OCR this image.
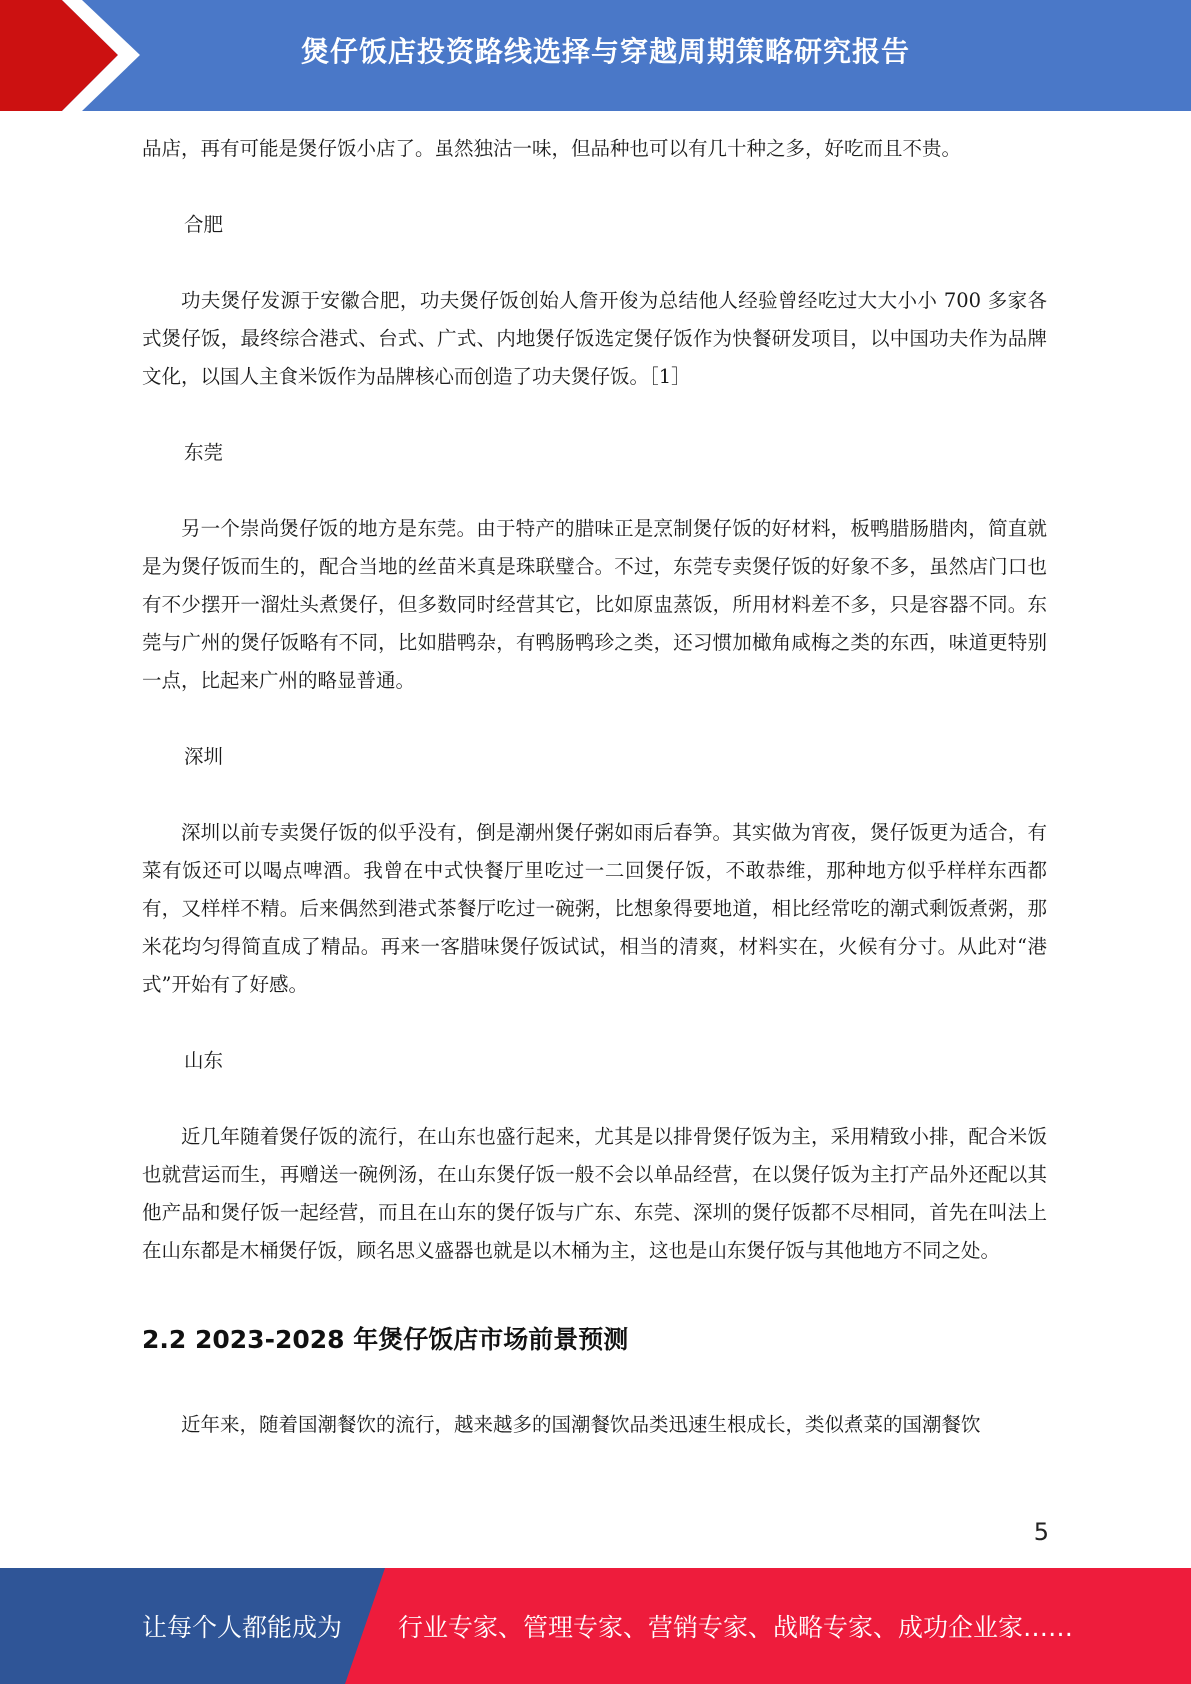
煲仔饭店投资路线选择与穿越周期策略研究报告

品店，再有可能是煲仔饭小店了。虽然独沽一味，但品种也可以有几十种之多，好吃而且不贵。

合肥

功夫煲仔发源于安徽合肥，功夫煲仔饭创始人詹开俊为总结他人经验曾经吃过大大小小 700 多家各式煲仔饭，最终综合港式、台式、广式、内地煲仔饭选定煲仔饭作为快餐研发项目，以中国功夫作为品牌文化，以国人主食米饭作为品牌核心而创造了功夫煲仔饭。［1］

东莞

另一个崇尚煲仔饭的地方是东莞。由于特产的腊味正是烹制煲仔饭的好材料，板鸭腊肠腊肉，简直就是为煲仔饭而生的，配合当地的丝苗米真是珠联璧合。不过，东莞专卖煲仔饭的好象不多，虽然店门口也有不少摆开一溜灶头煮煲仔，但多数同时经营其它，比如原盅蒸饭，所用材料差不多，只是容器不同。东莞与广州的煲仔饭略有不同，比如腊鸭杂，有鸭肠鸭珍之类，还习惯加橄角咸梅之类的东西，味道更特别一点，比起来广州的略显普通。

深圳

深圳以前专卖煲仔饭的似乎没有，倒是潮州煲仔粥如雨后春笋。其实做为宵夜，煲仔饭更为适合，有菜有饭还可以喝点啤酒。我曾在中式快餐厅里吃过一二回煲仔饭，不敢恭维，那种地方似乎样样东西都有，又样样不精。后来偶然到港式茶餐厅吃过一碗粥，比想象得要地道，相比经常吃的潮式剩饭煮粥，那米花均匀得简直成了精品。再来一客腊味煲仔饭试试，相当的清爽，材料实在，火候有分寸。从此对“港式”开始有了好感。

山东

近几年随着煲仔饭的流行，在山东也盛行起来，尤其是以排骨煲仔饭为主，采用精致小排，配合米饭也就营运而生，再赠送一碗例汤，在山东煲仔饭一般不会以单品经营，在以煲仔饭为主打产品外还配以其他产品和煲仔饭一起经营，而且在山东的煲仔饭与广东、东莞、深圳的煲仔饭都不尽相同，首先在叫法上在山东都是木桶煲仔饭，顾名思义盛器也就是以木桶为主，这也是山东煲仔饭与其他地方不同之处。

2.2 2023-2028 年煲仔饭店市场前景预测

近年来，随着国潮餐饮的流行，越来越多的国潮餐饮品类迅速生根成长，类似煮菜的国潮餐饮

5
让每个人都能成为 行业专家、管理专家、营销专家、战略专家、成功企业家……
